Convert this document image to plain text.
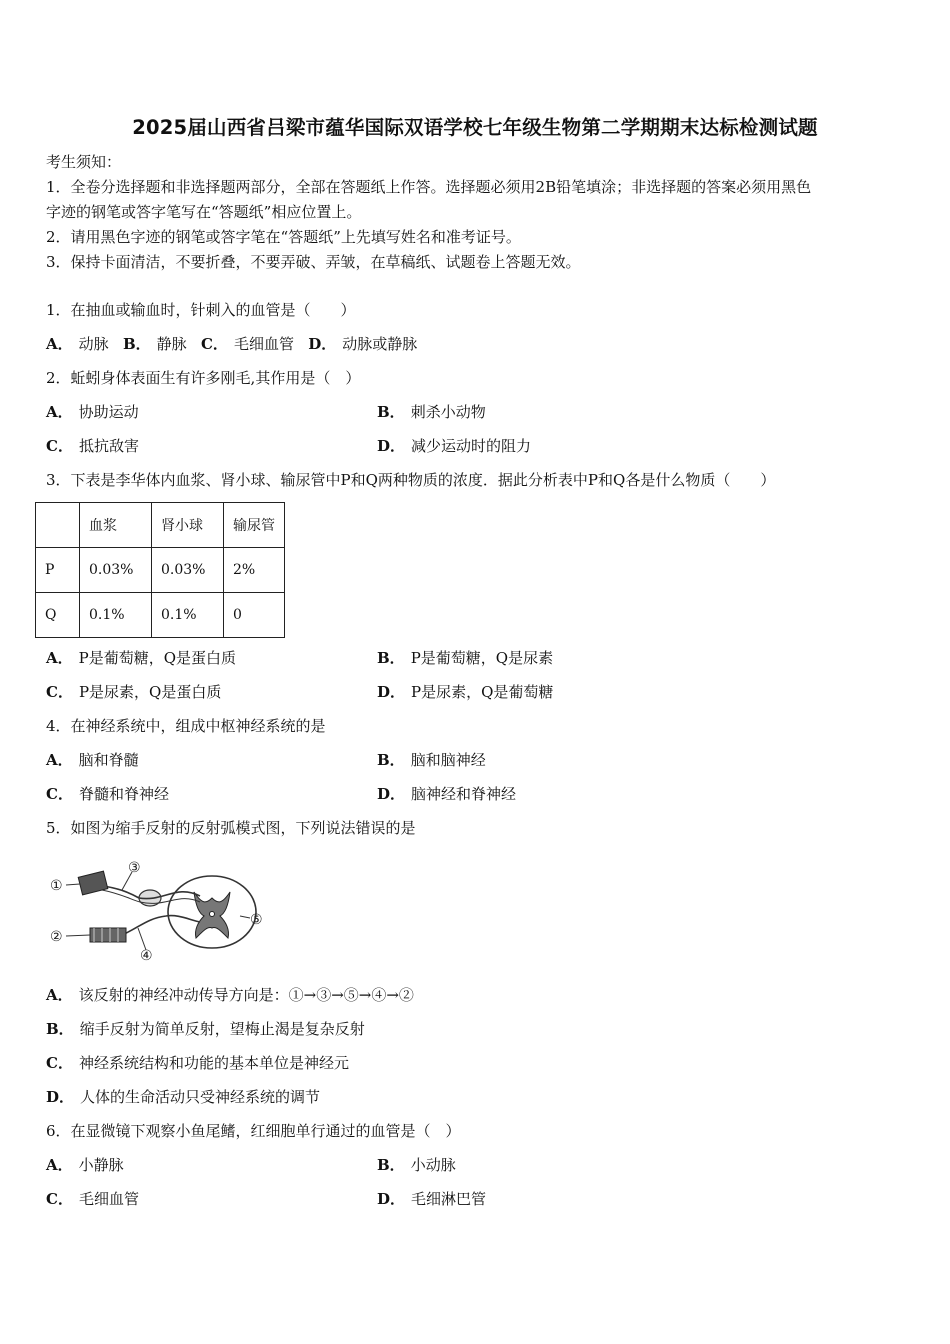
2025届山西省吕梁市蕴华国际双语学校七年级生物第二学期期末达标检测试题
考生须知：
1．全卷分选择题和非选择题两部分，全部在答题纸上作答。选择题必须用2B铅笔填涂；非选择题的答案必须用黑色
字迹的钢笔或答字笔写在“答题纸”相应位置上。
2．请用黑色字迹的钢笔或答字笔在“答题纸”上先填写姓名和准考证号。
3．保持卡面清洁，不要折叠，不要弄破、弄皱，在草稿纸、试题卷上答题无效。
1．在抽血或输血时，针刺入的血管是（　　）
A． 动脉 B． 静脉 C． 毛细血管 D． 动脉或静脉
2．蚯蚓身体表面生有许多刚毛,其作用是（　）
A． 协助运动	B． 刺杀小动物
C． 抵抗敌害	D． 减少运动时的阻力
3．下表是李华体内血浆、肾小球、输尿管中P和Q两种物质的浓度．据此分析表中P和Q各是什么物质（　　）
	血浆	肾小球	输尿管
P	0.03%	0.03%	2%
Q	0.1%	0.1%	0
A． P是葡萄糖，Q是蛋白质	B． P是葡萄糖，Q是尿素
C． P是尿素，Q是蛋白质	D． P是尿素，Q是葡萄糖
4．在神经系统中，组成中枢神经系统的是
A． 脑和脊髓	B． 脑和脑神经
C． 脊髓和脊神经	D． 脑神经和脊神经
5．如图为缩手反射的反射弧模式图，下列说法错误的是
①
②
③
④
⑤
A． 该反射的神经冲动传导方向是：①→③→⑤→④→②
B． 缩手反射为简单反射，望梅止渴是复杂反射
C． 神经系统结构和功能的基本单位是神经元
D． 人体的生命活动只受神经系统的调节
6．在显微镜下观察小鱼尾鳍，红细胞单行通过的血管是（　）
A． 小静脉	B． 小动脉
C． 毛细血管	D． 毛细淋巴管
